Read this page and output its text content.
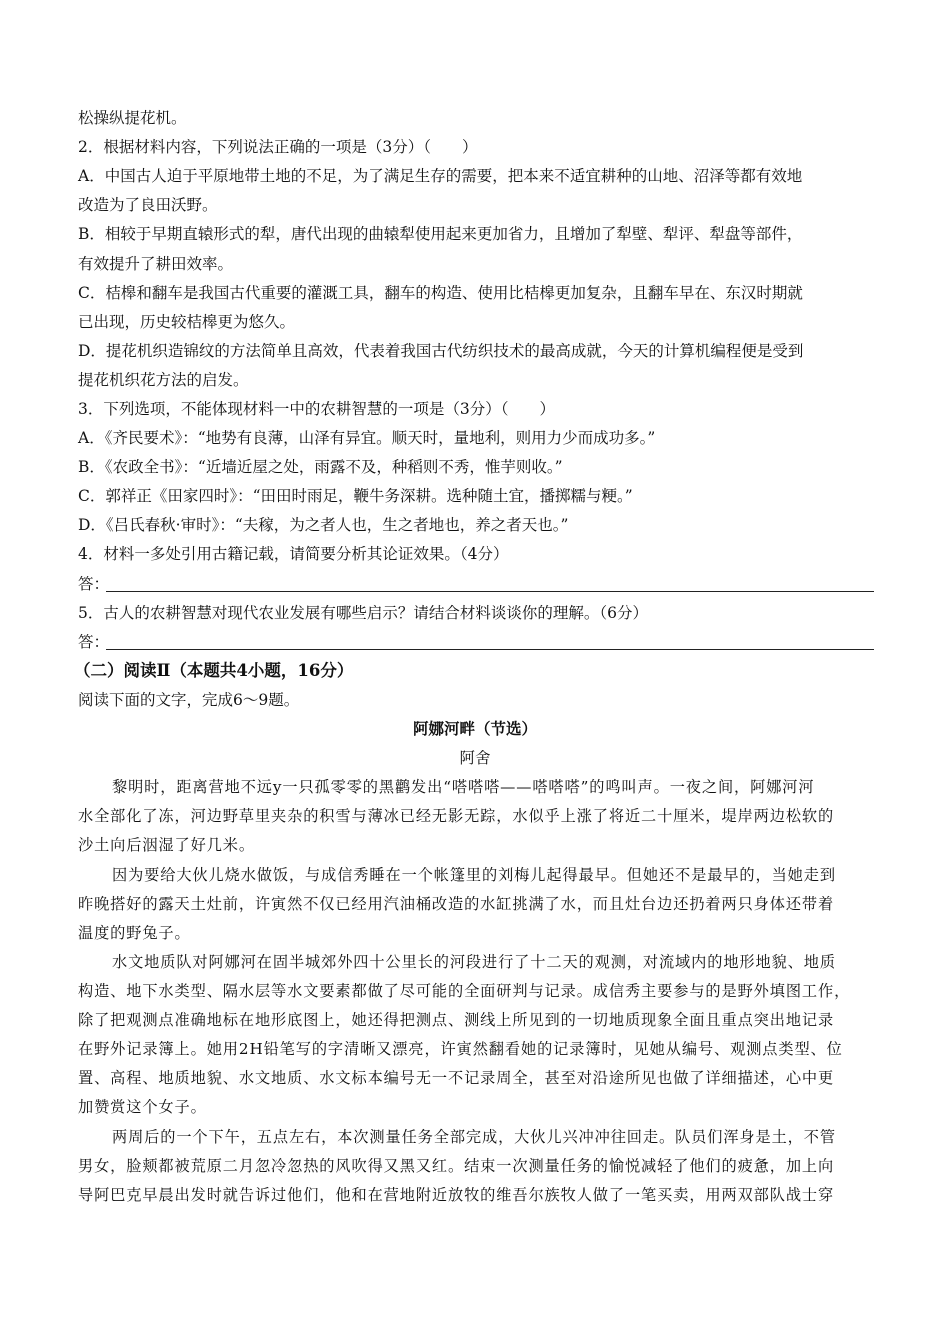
松操纵提花机。
2．根据材料内容，下列说法正确的一项是（3分）（　　）
A．中国古人迫于平原地带土地的不足，为了满足生存的需要，把本来不适宜耕种的山地、沼泽等都有效地
改造为了良田沃野。
B．相较于早期直辕形式的犁，唐代出现的曲辕犁使用起来更加省力，且增加了犁壁、犁评、犁盘等部件，
有效提升了耕田效率。
C．桔槔和翻车是我国古代重要的灌溉工具，翻车的构造、使用比桔槔更加复杂，且翻车早在、东汉时期就
已出现，历史较桔槔更为悠久。
D．提花机织造锦纹的方法简单且高效，代表着我国古代纺织技术的最高成就，今天的计算机编程便是受到
提花机织花方法的启发。
3．下列选项，不能体现材料一中的农耕智慧的一项是（3分）（　　）
A．《齐民要术》：“地势有良薄，山泽有异宜。顺天时，量地利，则用力少而成功多。”
B．《农政全书》：“近墙近屋之处，雨露不及，种稻则不秀，惟芋则收。”
C．郭祥正《田家四时》：“田田时雨足，鞭牛务深耕。选种随土宜，播掷糯与粳。”
D．《吕氏春秋·审时》：“夫稼，为之者人也，生之者地也，养之者天也。”
4．材料一多处引用古籍记载，请简要分析其论证效果。（4分）
答：
5．古人的农耕智慧对现代农业发展有哪些启示？请结合材料谈谈你的理解。（6分）
答：
（二）阅读Ⅱ（本题共4小题，16分）
阅读下面的文字，完成6～9题。
阿娜河畔（节选）
阿舍
黎明时，距离营地不远y一只孤零零的黑鹳发出“嗒嗒嗒——嗒嗒嗒”的鸣叫声。一夜之间，阿娜河河
水全部化了冻，河边野草里夹杂的积雪与薄冰已经无影无踪，水似乎上涨了将近二十厘米，堤岸两边松软的
沙土向后洇湿了好几米。
因为要给大伙儿烧水做饭，与成信秀睡在一个帐篷里的刘梅儿起得最早。但她还不是最早的，当她走到
昨晚搭好的露天土灶前，许寅然不仅已经用汽油桶改造的水缸挑满了水，而且灶台边还扔着两只身体还带着
温度的野兔子。
水文地质队对阿娜河在固半城郊外四十公里长的河段进行了十二天的观测，对流域内的地形地貌、地质
构造、地下水类型、隔水层等水文要素都做了尽可能的全面研判与记录。成信秀主要参与的是野外填图工作，
除了把观测点准确地标在地形底图上，她还得把测点、测线上所见到的一切地质现象全面且重点突出地记录
在野外记录簿上。她用2H铅笔写的字清晰又漂亮，许寅然翻看她的记录簿时，见她从编号、观测点类型、位
置、高程、地质地貌、水文地质、水文标本编号无一不记录周全，甚至对沿途所见也做了详细描述，心中更
加赞赏这个女子。
两周后的一个下午，五点左右，本次测量任务全部完成，大伙儿兴冲冲往回走。队员们浑身是土，不管
男女，脸颊都被荒原二月忽冷忽热的风吹得又黑又红。结束一次测量任务的愉悦减轻了他们的疲惫，加上向
导阿巴克早晨出发时就告诉过他们，他和在营地附近放牧的维吾尔族牧人做了一笔买卖，用两双部队战士穿
